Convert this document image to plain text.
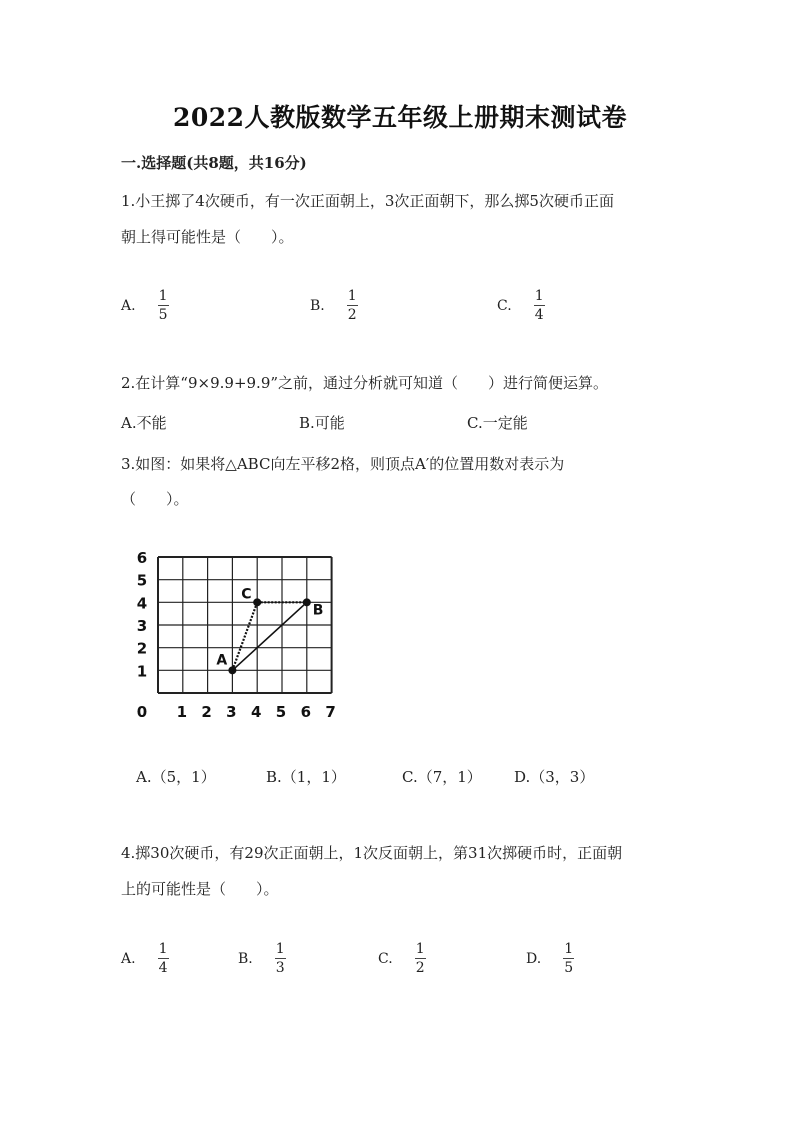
2022人教版数学五年级上册期末测试卷
一.选择题(共8题，共16分)
1.小王掷了4次硬币，有一次正面朝上，3次正面朝下，那么掷5次硬币正面
朝上得可能性是（　　）。
A. $\frac{1}{5}$	B. $\frac{1}{2}$	C. $\frac{1}{4}$
2.在计算“9×9.9+9.9”之前，通过分析就可知道（　　）进行简便运算。
A.不能	B.可能	C.一定能
3.如图：如果将△ABC向左平移2格，则顶点A′的位置用数对表示为
（　　）。
0 1 2 3 4 5 6 7
1
2
3
4
5
6
A
B
C
A.（5，1）	B.（1，1）	C.（7，1） D.（3，3）
4.掷30次硬币，有29次正面朝上，1次反面朝上，第31次掷硬币时，正面朝
上的可能性是（　　）。
A. $\frac{1}{4}$	B. $\frac{1}{3}$	C. $\frac{1}{2}$	D. $\frac{1}{5}$
